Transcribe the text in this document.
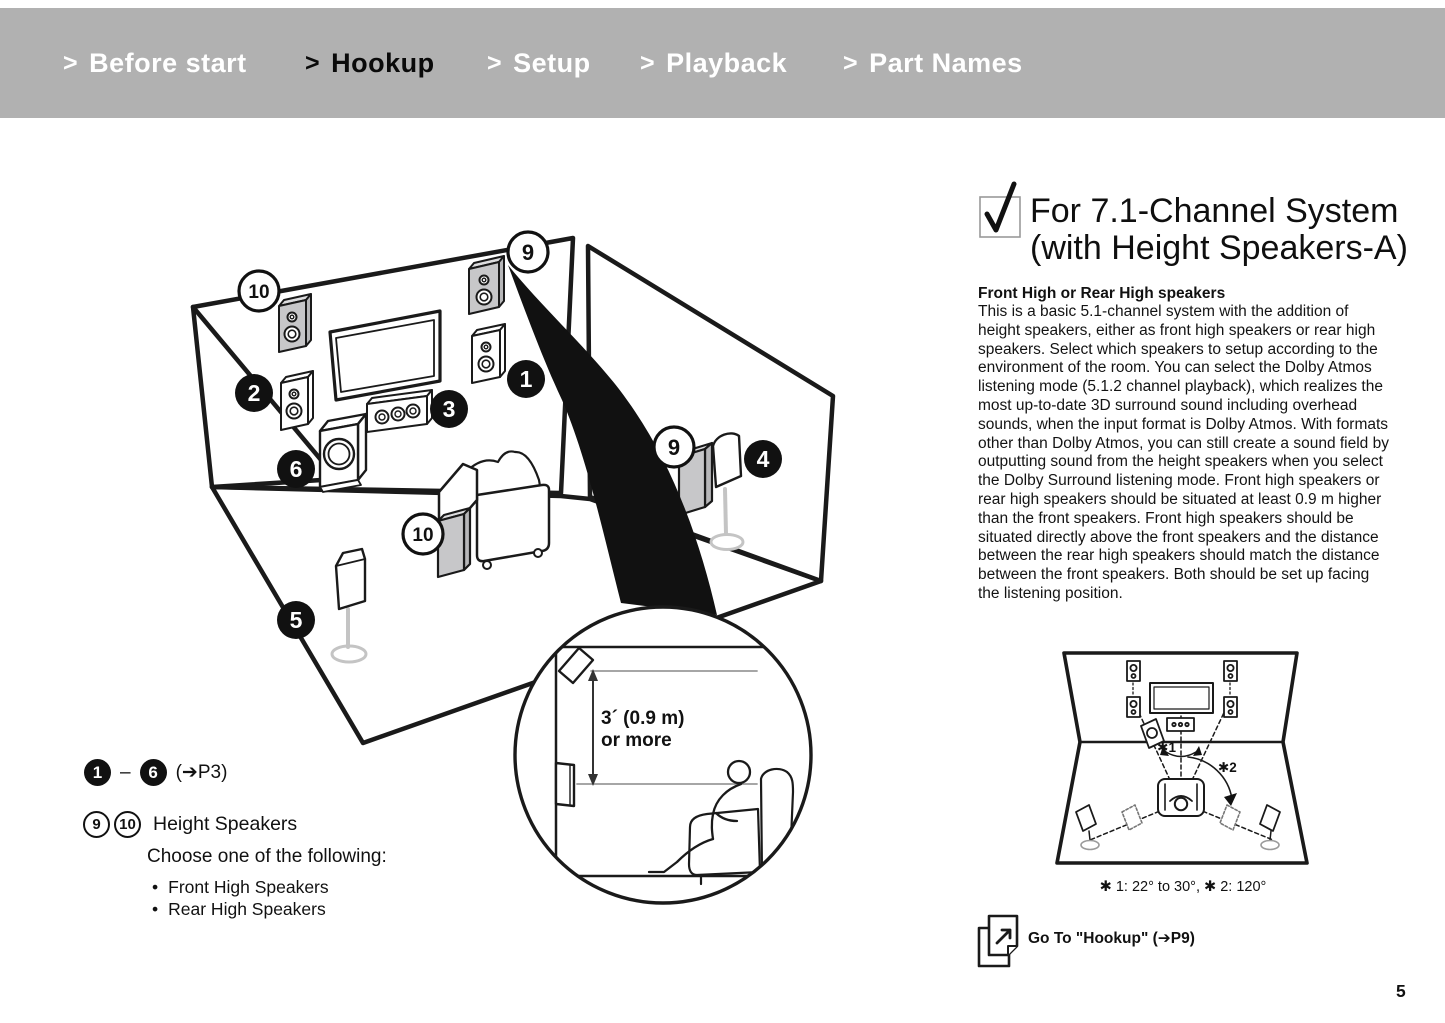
1
2
3
4
5
6
9
10
9
10
3´ (0.9 m)
or more	✱1
✱2
> Before start > Hookup > Setup > Playback > Part Names
For 7.1-Channel System
(with Height Speakers-A)
Front High or Rear High speakers
This is a basic 5.1-channel system with the addition of height speakers, either as front high speakers or rear high speakers. Select which speakers to setup according to the environment of the room. You can select the Dolby Atmos listening mode (5.1.2 channel playback), which realizes the most up-to-date 3D surround sound including overhead sounds, when the input format is Dolby Atmos. With formats other than Dolby Atmos, you can still create a sound field by outputting sound from the height speakers when you select the Dolby Surround listening mode. Front high speakers or rear high speakers should be situated at least 0.9 m higher than the front speakers. Front high speakers should be situated directly above the front speakers and the distance between the rear high speakers should match the distance between the front speakers. Both should be set up facing the listening position.
✱ 1: 22° to 30°, ✱ 2: 120°
Go To "Hookup" (➔P9)
5
1 –	6 (➔P3)
9	10 Height Speakers
Choose one of the following:
• Front High Speakers
• Rear High Speakers
